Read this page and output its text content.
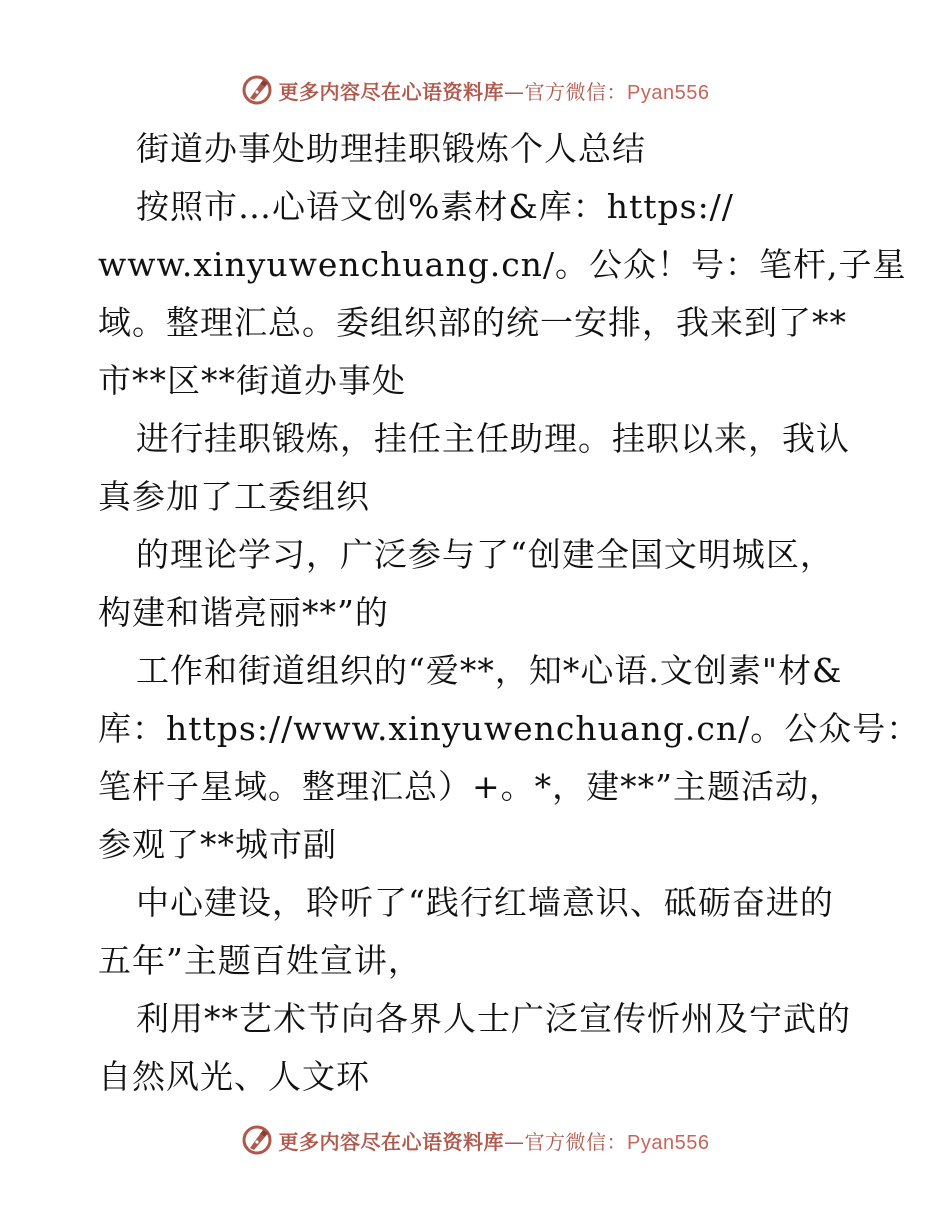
更多内容尽在心语资料库—官方微信：Pyan556
街道办事处助理挂职锻炼个人总结
按照市…心语文创%素材&库：https://
www.xinyuwenchuang.cn/。公众！号：笔杆,子星
域。整理汇总。委组织部的统一安排，我来到了**
市**区**街道办事处
进行挂职锻炼，挂任主任助理。挂职以来，我认
真参加了工委组织
的理论学习，广泛参与了“创建全国文明城区，
构建和谐亮丽**”的
工作和街道组织的“爱**，知*心语.文创素"材&
库：https://www.xinyuwenchuang.cn/。公众号：
笔杆子星域。整理汇总）+。*，建**”主题活动，
参观了**城市副
中心建设，聆听了“践行红墙意识、砥砺奋进的
五年”主题百姓宣讲，
利用**艺术节向各界人士广泛宣传忻州及宁武的
自然风光、人文环
更多内容尽在心语资料库—官方微信：Pyan556
